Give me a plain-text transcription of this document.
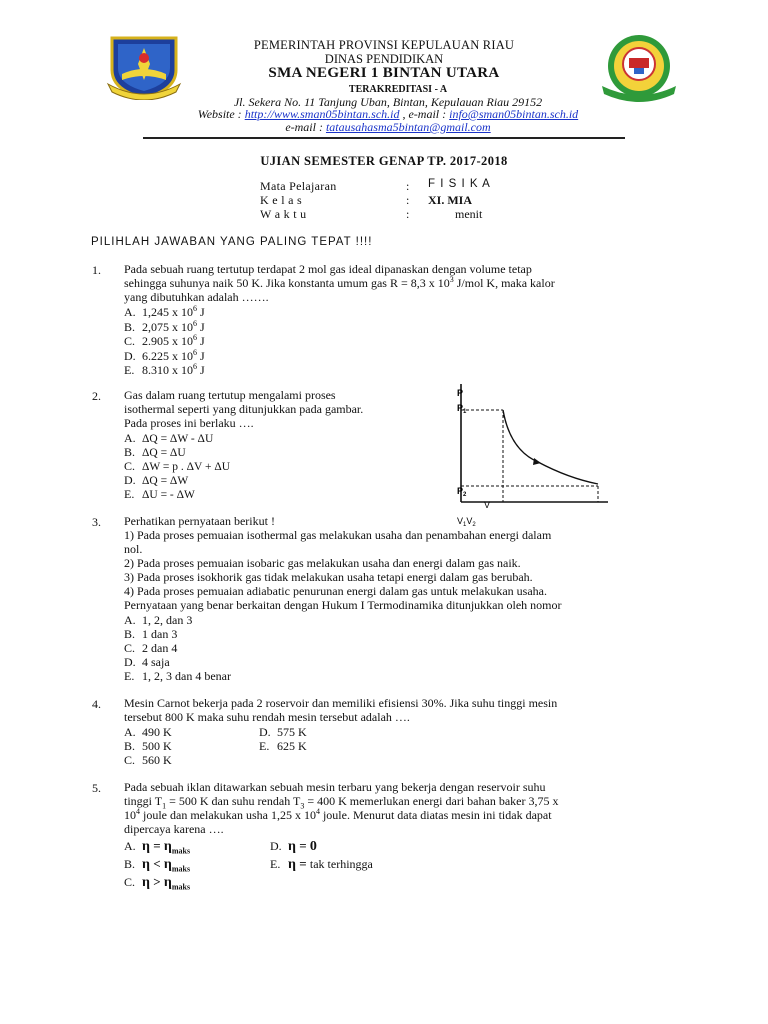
PEMERINTAH PROVINSI KEPULAUAN RIAU
DINAS PENDIDIKAN
SMA NEGERI 1 BINTAN UTARA
TERAKREDITASI - A
Jl. Sekera No. 11 Tanjung Uban, Bintan, Kepulauan Riau 29152
Website : http://www.sman05bintan.sch.id , e-mail : info@sman05bintan.sch.id
e-mail : tatausahasma5bintan@gmail.com
UJIAN SEMESTER GENAP TP. 2017-2018
Mata Pelajaran	: F I S I K A
K e l a s	: XI. MIA
W a k t u	:	menit
PILIHLAH JAWABAN YANG PALING TEPAT !!!!
1. Pada sebuah ruang tertutup terdapat 2 mol gas ideal dipanaskan dengan volume tetap
sehingga suhunya naik 50 K. Jika konstanta umum gas R = 8,3 x $10^3$ J/mol K, maka kalor
yang dibutuhkan adalah …….
A. 1,245 x $10^6$ J
B. 2,075 x $10^6$ J
C. 2.905 x $10^6$ J
D. 6.225 x $10^6$ J
E. 8.310 x $10^6$ J
2. Gas dalam ruang tertutup mengalami proses
isothermal seperti yang ditunjukkan pada gambar.
Pada proses ini berlaku ….
A. ΔQ = ΔW - ΔU
B. ΔQ = ΔU
C. ΔW = p . ΔV + ΔU
D. ΔQ = ΔW
E. ΔU = - ΔW
P
$P_1$
$P_2$
V
$V_1V_2$
3. Perhatikan pernyataan berikut !
1) Pada proses pemuaian isothermal gas melakukan usaha dan penambahan energi dalam
nol.
2) Pada proses pemuaian isobaric gas melakukan usaha dan energi dalam gas naik.
3) Pada proses isokhorik gas tidak melakukan usaha tetapi energi dalam gas berubah.
4) Pada proses pemuaian adiabatic penurunan energi dalam gas untuk melakukan usaha.
Pernyataan yang benar berkaitan dengan Hukum I Termodinamika ditunjukkan oleh nomor
A. 1, 2, dan 3
B. 1 dan 3
C. 2 dan 4
D. 4 saja
E. 1, 2, 3 dan 4 benar
4. Mesin Carnot bekerja pada 2 roservoir dan memiliki efisiensi 30%. Jika suhu tinggi mesin
tersebut 800 K maka suhu rendah mesin tersebut adalah ….
A. 490 K
B. 500 K
C. 560 K
D. 575 K
E. 625 K
5. Pada sebuah iklan ditawarkan sebuah mesin terbaru yang bekerja dengan reservoir suhu
tinggi $T_1 = 500$ K dan suhu rendah $T_3 = 400$ K memerlukan energi dari bahan baker 3,75 x
$10^4$ joule dan melakukan usha 1,25 x $10^4$ joule. Menurut data diatas mesin ini tidak dapat
dipercaya karena ….
A. $\eta = \eta_{maks}$
B. $\eta < \eta_{maks}$
C. $\eta > \eta_{maks}$
D. η = 0
E. η = tak terhingga
